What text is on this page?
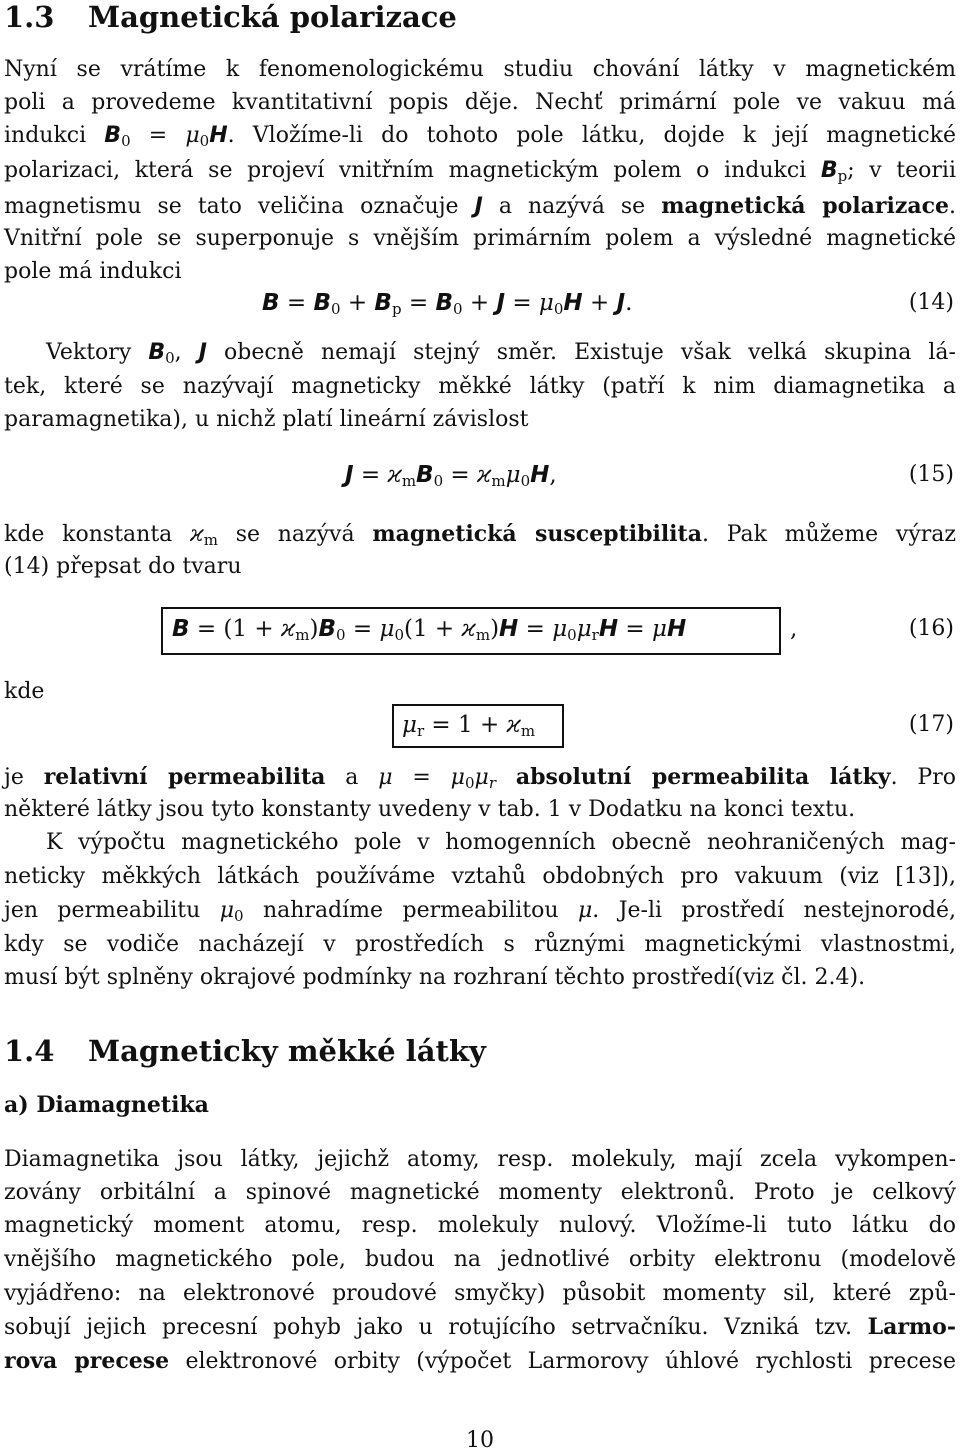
1.3 Magnetická polarizace
Nyní se vrátíme k fenomenologickému studiu chování látky v magnetickém
poli a provedeme kvantitativní popis děje. Nechť primární pole ve vakuu má
indukci $B_0 = \mu_0H$. Vložíme-li do tohoto pole látku, dojde k její magnetické
polarizaci, která se projeví vnitřním magnetickým polem o indukci $B_p$; v teorii
magnetismu se tato veličina označuje J a nazývá se magnetická polarizace.
Vnitřní pole se superponuje s vnějším primárním polem a výsledné magnetické
pole má indukci
$B = B_0 + B_p = B_0 + J = \mu_0H + J$.	(14)
Vektory $B_0$, J obecně nemají stejný směr. Existuje však velká skupina lá-
tek, které se nazývají magneticky měkké látky (patří k nim diamagnetika a
paramagnetika), u nichž platí lineární závislost
$J = ϰ_mB_0 = ϰ_m\mu_0H$,	(15)
kde konstanta $ϰ_m$ se nazývá magnetická susceptibilita. Pak můžeme výraz
(14) přepsat do tvaru
$B = (1 + ϰ_m)B_0 = \mu_0(1 + ϰ_m)H = \mu_0\mu_rH = \mu H$	,	(16)
kde
$\mu_r = 1 + ϰ_m$	(17)
je relativní permeabilita a $\mu = \mu_0\mu_r$ absolutní permeabilita látky. Pro
některé látky jsou tyto konstanty uvedeny v tab. 1 v Dodatku na konci textu.
K výpočtu magnetického pole v homogenních obecně neohraničených mag-
neticky měkkých látkách používáme vztahů obdobných pro vakuum (viz [13]),
jen permeabilitu $\mu_0$ nahradíme permeabilitou μ. Je-li prostředí nestejnorodé,
kdy se vodiče nacházejí v prostředích s různými magnetickými vlastnostmi,
musí být splněny okrajové podmínky na rozhraní těchto prostředí(viz čl. 2.4).
1.4 Magneticky měkké látky
a) Diamagnetika
Diamagnetika jsou látky, jejichž atomy, resp. molekuly, mají zcela vykompen-
zovány orbitální a spinové magnetické momenty elektronů. Proto je celkový
magnetický moment atomu, resp. molekuly nulový. Vložíme-li tuto látku do
vnějšího magnetického pole, budou na jednotlivé orbity elektronu (modelově
vyjádřeno: na elektronové proudové smyčky) působit momenty sil, které způ-
sobují jejich precesní pohyb jako u rotujícího setrvačníku. Vzniká tzv. Larmo-
rova precese elektronové orbity (výpočet Larmorovy úhlové rychlosti precese
10
